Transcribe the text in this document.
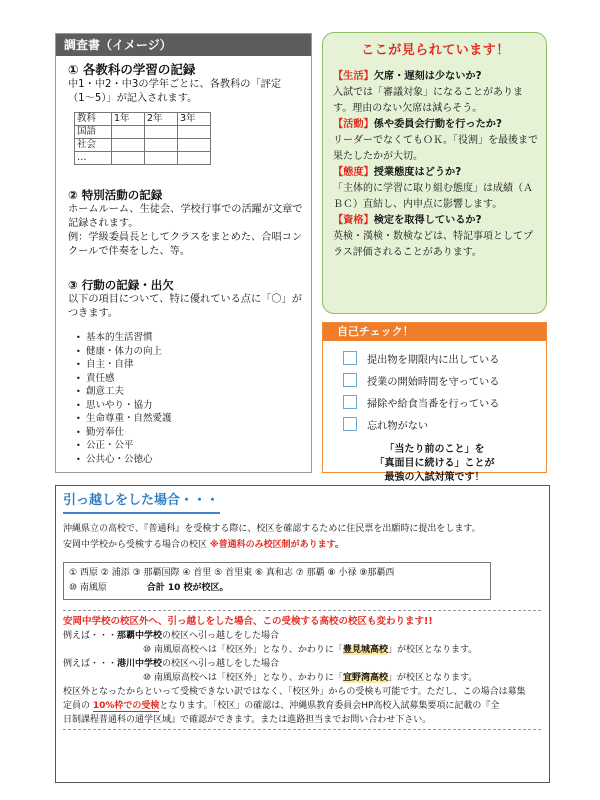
調査書（イメージ）
① 各教科の学習の記録
中1・中2・中3の学年ごとに、各教科の「評定（1〜5）」が記入されます。
教科	1年	2年	3年
国語			
社会			
…			
② 特別活動の記録
ホームルーム、生徒会、学校行事での活躍が文章で記録されます。
例：学級委員長としてクラスをまとめた、合唱コンクールで伴奏をした、等。
③ 行動の記録・出欠
以下の項目について、特に優れている点に「〇」がつきます。
• 基本的生活習慣
• 健康・体力の向上
• 自主・自律
• 責任感
• 創意工夫
• 思いやり・協力
• 生命尊重・自然愛護
• 勤労奉仕
• 公正・公平
• 公共心・公徳心
ここが見られています！
【生活】欠席・遅刻は少ないか?
入試では「審議対象」になることがあります。理由のない欠席は減らそう。
【活動】係や委員会行動を行ったか?
リーダーでなくてもＯＫ。「役割」を最後まで果たしたかが大切。
【態度】授業態度はどうか?
「主体的に学習に取り組む態度」は成績（ＡＢＣ）直結し、内申点に影響します。
【資格】検定を取得しているか?
英検・漢検・数検などは、特記事項としてプラス評価されることがあります。
自己チェック！
提出物を期限内に出している
授業の開始時間を守っている
掃除や給食当番を行っている
忘れ物がない
「当たり前のこと」を
「真面目に続ける」ことが
最強の入試対策です！
引っ越しをした場合・・・
沖縄県立の高校で、『普通科』を受検する際に、校区を確認するために住民票を出願時に提出をします。
安岡中学校から受検する場合の校区 ※普通科のみ校区制があります。
① 西原 ② 浦添 ③ 那覇国際 ④ 首里 ⑤ 首里東 ⑥ 真和志 ⑦ 那覇 ⑧ 小禄 ⑨那覇西
⑩ 南風原	合計 10 校が校区。
安岡中学校の校区外へ、引っ越しをした場合、この受検する高校の校区も変わります!!
例えば・・・那覇中学校の校区へ引っ越しをした場合
⑩ 南風原高校へは「校区外」となり、かわりに「豊見城高校」が校区となります。
例えば・・・港川中学校の校区へ引っ越しをした場合
⑩ 南風原高校へは「校区外」となり、かわりに「宜野湾高校」が校区となります。
校区外となったからといって受検できない訳ではなく、「校区外」からの受検も可能です。ただし、この場合は募集
定員の 10%枠での受検となります。「校区」の確認は、沖縄県教育委員会HP高校入試募集要項に記載の『全
日制課程普通科の通学区域』で確認ができます。または進路担当までお問い合わせ下さい。
